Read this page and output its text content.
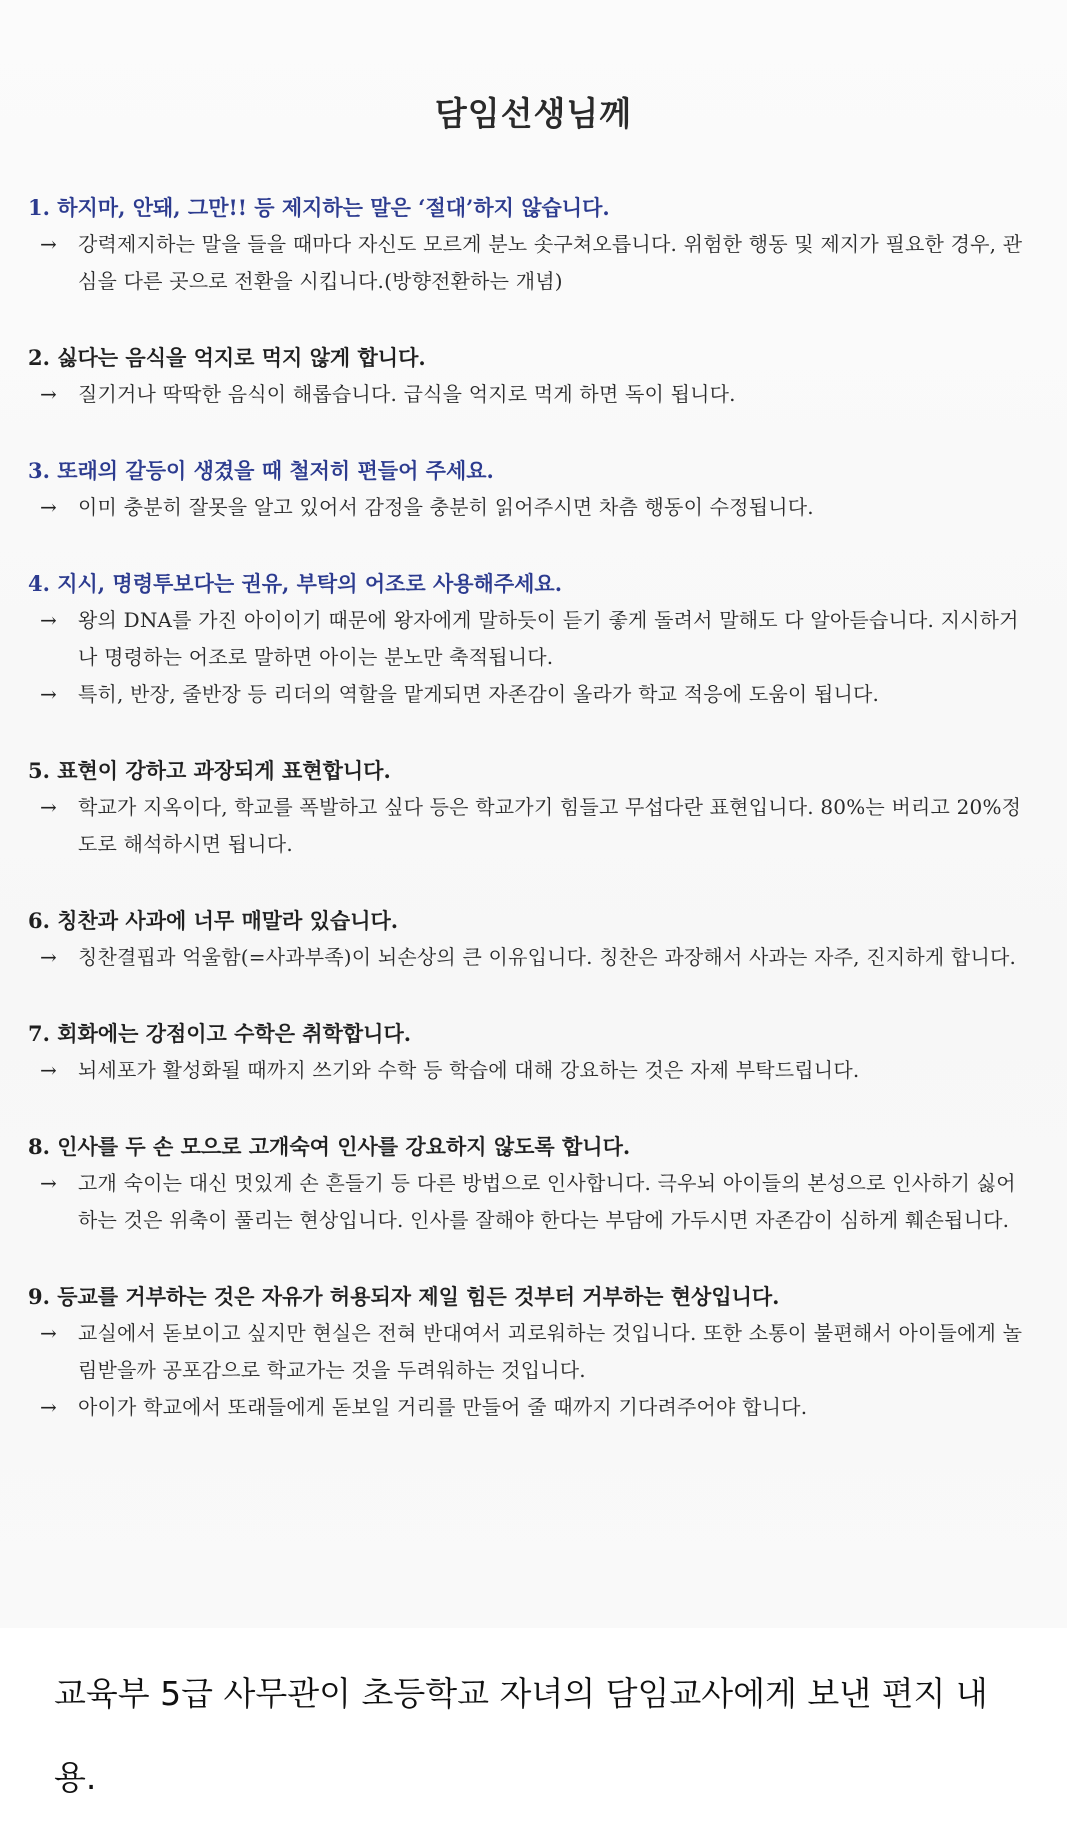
담임선생님께
1. 하지마, 안돼, 그만!! 등 제지하는 말은 ‘절대’하지 않습니다.
→ 강력제지하는 말을 들을 때마다 자신도 모르게 분노 솟구쳐오릅니다. 위험한 행동 및 제지가 필요한 경우, 관심을 다른 곳으로 전환을 시킵니다.(방향전환하는 개념)
2. 싫다는 음식을 억지로 먹지 않게 합니다.
→ 질기거나 딱딱한 음식이 해롭습니다. 급식을 억지로 먹게 하면 독이 됩니다.
3. 또래의 갈등이 생겼을 때 철저히 편들어 주세요.
→ 이미 충분히 잘못을 알고 있어서 감정을 충분히 읽어주시면 차츰 행동이 수정됩니다.
4. 지시, 명령투보다는 권유, 부탁의 어조로 사용해주세요.
→ 왕의 DNA를 가진 아이이기 때문에 왕자에게 말하듯이 듣기 좋게 돌려서 말해도 다 알아듣습니다. 지시하거나 명령하는 어조로 말하면 아이는 분노만 축적됩니다.
→ 특히, 반장, 줄반장 등 리더의 역할을 맡게되면 자존감이 올라가 학교 적응에 도움이 됩니다.
5. 표현이 강하고 과장되게 표현합니다.
→ 학교가 지옥이다, 학교를 폭발하고 싶다 등은 학교가기 힘들고 무섭다란 표현입니다. 80%는 버리고 20%정도로 해석하시면 됩니다.
6. 칭찬과 사과에 너무 매말라 있습니다.
→ 칭찬결핍과 억울함(=사과부족)이 뇌손상의 큰 이유입니다. 칭찬은 과장해서 사과는 자주, 진지하게 합니다.
7. 회화에는 강점이고 수학은 취학합니다.
→ 뇌세포가 활성화될 때까지 쓰기와 수학 등 학습에 대해 강요하는 것은 자제 부탁드립니다.
8. 인사를 두 손 모으로 고개숙여 인사를 강요하지 않도록 합니다.
→ 고개 숙이는 대신 멋있게 손 흔들기 등 다른 방법으로 인사합니다. 극우뇌 아이들의 본성으로 인사하기 싫어하는 것은 위축이 풀리는 현상입니다. 인사를 잘해야 한다는 부담에 가두시면 자존감이 심하게 훼손됩니다.
9. 등교를 거부하는 것은 자유가 허용되자 제일 힘든 것부터 거부하는 현상입니다.
→ 교실에서 돋보이고 싶지만 현실은 전혀 반대여서 괴로워하는 것입니다. 또한 소통이 불편해서 아이들에게 놀림받을까 공포감으로 학교가는 것을 두려워하는 것입니다.
→ 아이가 학교에서 또래들에게 돋보일 거리를 만들어 줄 때까지 기다려주어야 합니다.
교육부 5급 사무관이 초등학교 자녀의 담임교사에게 보낸 편지 내용.
